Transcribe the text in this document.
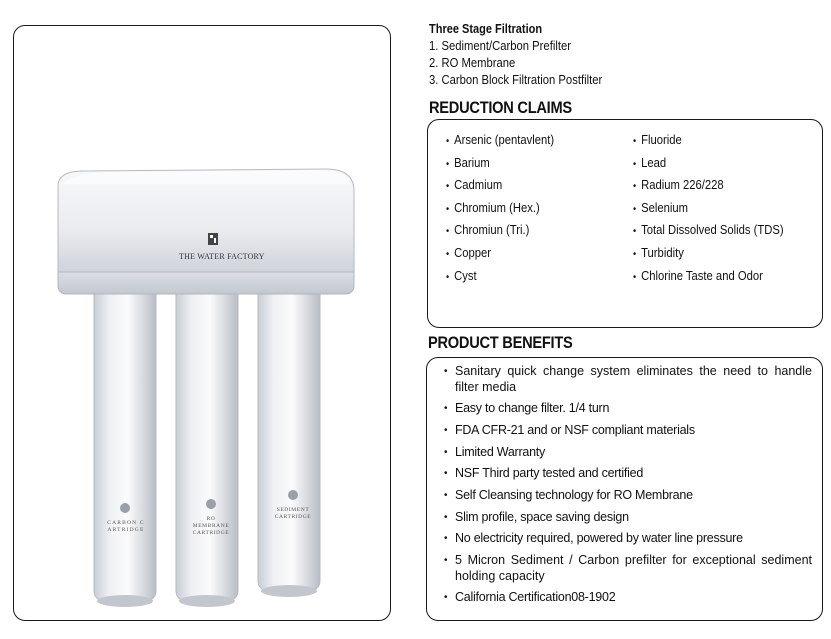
THE WATER FACTORY
CARBON CARTRIDGE
RO MEMBRANE CARTRIDGE
SEDIMENT CARTRIDGE
Three Stage Filtration
1. Sediment/Carbon Prefilter
2. RO Membrane
3. Carbon Block Filtration Postfilter
REDUCTION CLAIMS
• Arsenic (pentavlent)
• Barium
• Cadmium
• Chromium (Hex.)
• Chromiun (Tri.)
• Copper
• Cyst
• Fluoride
• Lead
• Radium 226/228
• Selenium
• Total Dissolved Solids (TDS)
• Turbidity
• Chlorine Taste and Odor
PRODUCT BENEFITS
• Sanitary quick change system eliminates the need to handle filter media
• Easy to change filter. 1/4 turn
• FDA CFR-21 and or NSF compliant materials
• Limited Warranty
• NSF Third party tested and certified
• Self Cleansing technology for RO Membrane
• Slim profile, space saving design
• No electricity required, powered by water line pressure
• 5 Micron Sediment / Carbon prefilter for exceptional sediment holding capacity
• California Certification08-1902
